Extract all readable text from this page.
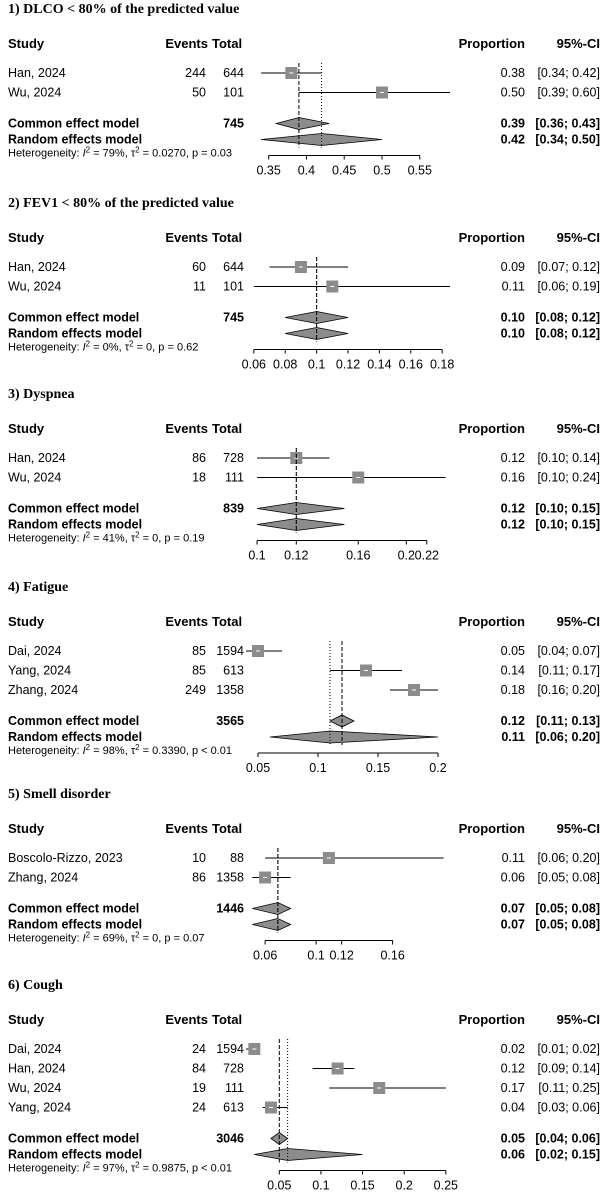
1) DLCO < 80% of the predicted value
Study	Events Total	Proportion 95%-CI
Han, 2024	244 644	0.38 [0.34; 0.42]
Wu, 2024	50 101	0.50 [0.39; 0.60]
Common effect model	745	0.39 [0.36; 0.43]
Random effects model	0.42 [0.34; 0.50]
Heterogeneity: $I^2 = 79\%$, $\tau^2 = 0.0270$, p = 0.03
0.35 0.4 0.45 0.5 0.55
2) FEV1 < 80% of the predicted value
Study	Events Total	Proportion 95%-CI
Han, 2024	60 644	0.09 [0.07; 0.12]
Wu, 2024	11 101	0.11 [0.06; 0.19]
Common effect model	745	0.10 [0.08; 0.12]
Random effects model	0.10 [0.08; 0.12]
Heterogeneity: $I^2 = 0\%$, $\tau^2 = 0$, p = 0.62
0.06 0.08 0.1 0.12 0.14 0.16 0.18
3) Dyspnea
Study	Events Total	Proportion 95%-CI
Han, 2024	86 728	0.12 [0.10; 0.14]
Wu, 2024	18 111	0.16 [0.10; 0.24]
Common effect model	839	0.12 [0.10; 0.15]
Random effects model	0.12 [0.10; 0.15]
Heterogeneity: $I^2 = 41\%$, $\tau^2 = 0$, p = 0.19
0.1 0.12	0.16 0.2 0.22
4) Fatigue
Study	Events Total	Proportion 95%-CI
Dai, 2024	85 1594	0.05 [0.04; 0.07]
Yang, 2024	85 613	0.14 [0.11; 0.17]
Zhang, 2024	249 1358	0.18 [0.16; 0.20]
Common effect model	3565	0.12 [0.11; 0.13]
Random effects model	0.11 [0.06; 0.20]
Heterogeneity: $I^2 = 98\%$, $\tau^2 = 0.3390$, p < 0.01
0.05	0.1	0.15	0.2
5) Smell disorder
Study	Events Total	Proportion 95%-CI
Boscolo-Rizzo, 2023	10 88	0.11 [0.06; 0.20]
Zhang, 2024	86 1358	0.06 [0.05; 0.08]
Common effect model	1446	0.07 [0.05; 0.08]
Random effects model	0.07 [0.05; 0.08]
Heterogeneity: $I^2 = 69\%$, $\tau^2 = 0$, p = 0.07
0.06 0.1 0.12 0.16
6) Cough
Study	Events Total	Proportion 95%-CI
Dai, 2024	24 1594	0.02 [0.01; 0.02]
Han, 2024	84 728	0.12 [0.09; 0.14]
Wu, 2024	19 111	0.17 [0.11; 0.25]
Yang, 2024	24 613	0.04 [0.03; 0.06]
Common effect model	3046	0.05 [0.04; 0.06]
Random effects model	0.06 [0.02; 0.15]
Heterogeneity: $I^2 = 97\%$, $\tau^2 = 0.9875$, p < 0.01
0.05 0.1 0.15 0.2 0.25
